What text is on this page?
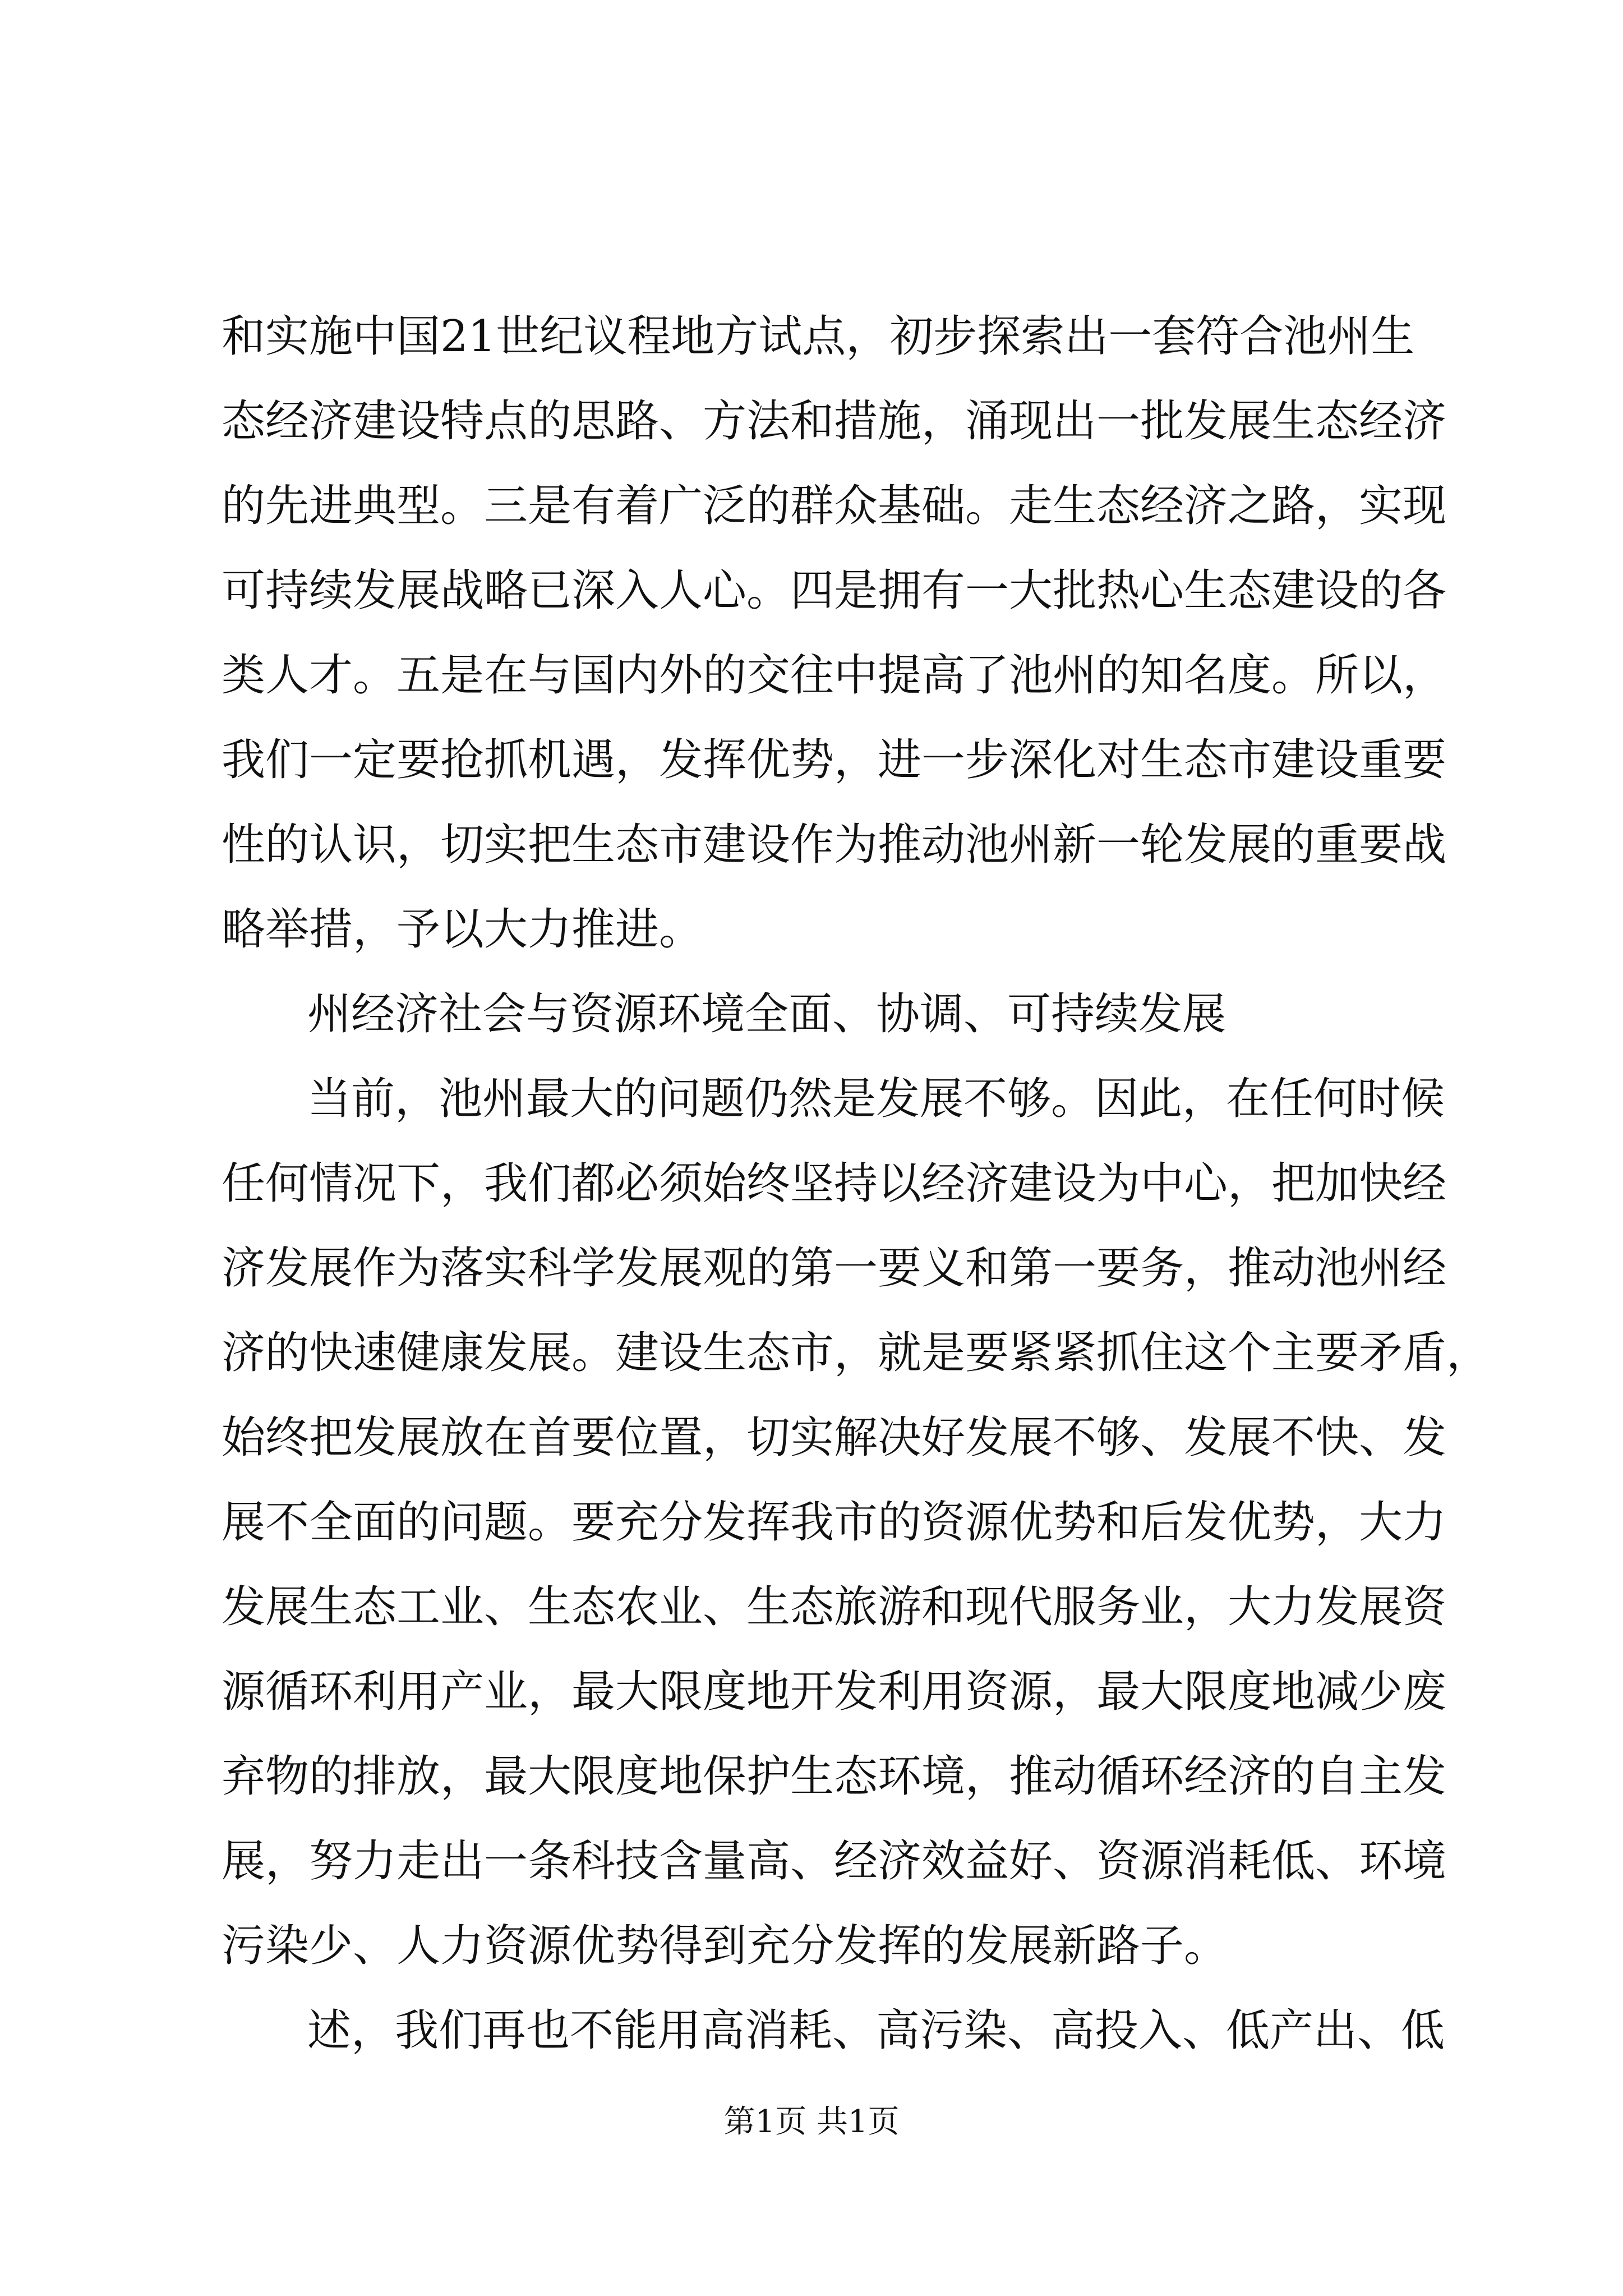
和实施中国21世纪议程地方试点，初步探索出一套符合池州生
态经济建设特点的思路、方法和措施，涌现出一批发展生态经济
的先进典型。三是有着广泛的群众基础。走生态经济之路，实现
可持续发展战略已深入人心。四是拥有一大批热心生态建设的各
类人才。五是在与国内外的交往中提高了池州的知名度。所以，
我们一定要抢抓机遇，发挥优势，进一步深化对生态市建设重要
性的认识，切实把生态市建设作为推动池州新一轮发展的重要战
略举措，予以大力推进。
州经济社会与资源环境全面、协调、可持续发展
当前，池州最大的问题仍然是发展不够。因此，在任何时候
任何情况下，我们都必须始终坚持以经济建设为中心，把加快经
济发展作为落实科学发展观的第一要义和第一要务，推动池州经
济的快速健康发展。建设生态市，就是要紧紧抓住这个主要矛盾，
始终把发展放在首要位置，切实解决好发展不够、发展不快、发
展不全面的问题。要充分发挥我市的资源优势和后发优势，大力
发展生态工业、生态农业、生态旅游和现代服务业，大力发展资
源循环利用产业，最大限度地开发利用资源，最大限度地减少废
弃物的排放，最大限度地保护生态环境，推动循环经济的自主发
展，努力走出一条科技含量高、经济效益好、资源消耗低、环境
污染少、人力资源优势得到充分发挥的发展新路子。
述，我们再也不能用高消耗、高污染、高投入、低产出、低
第1页 共1页
